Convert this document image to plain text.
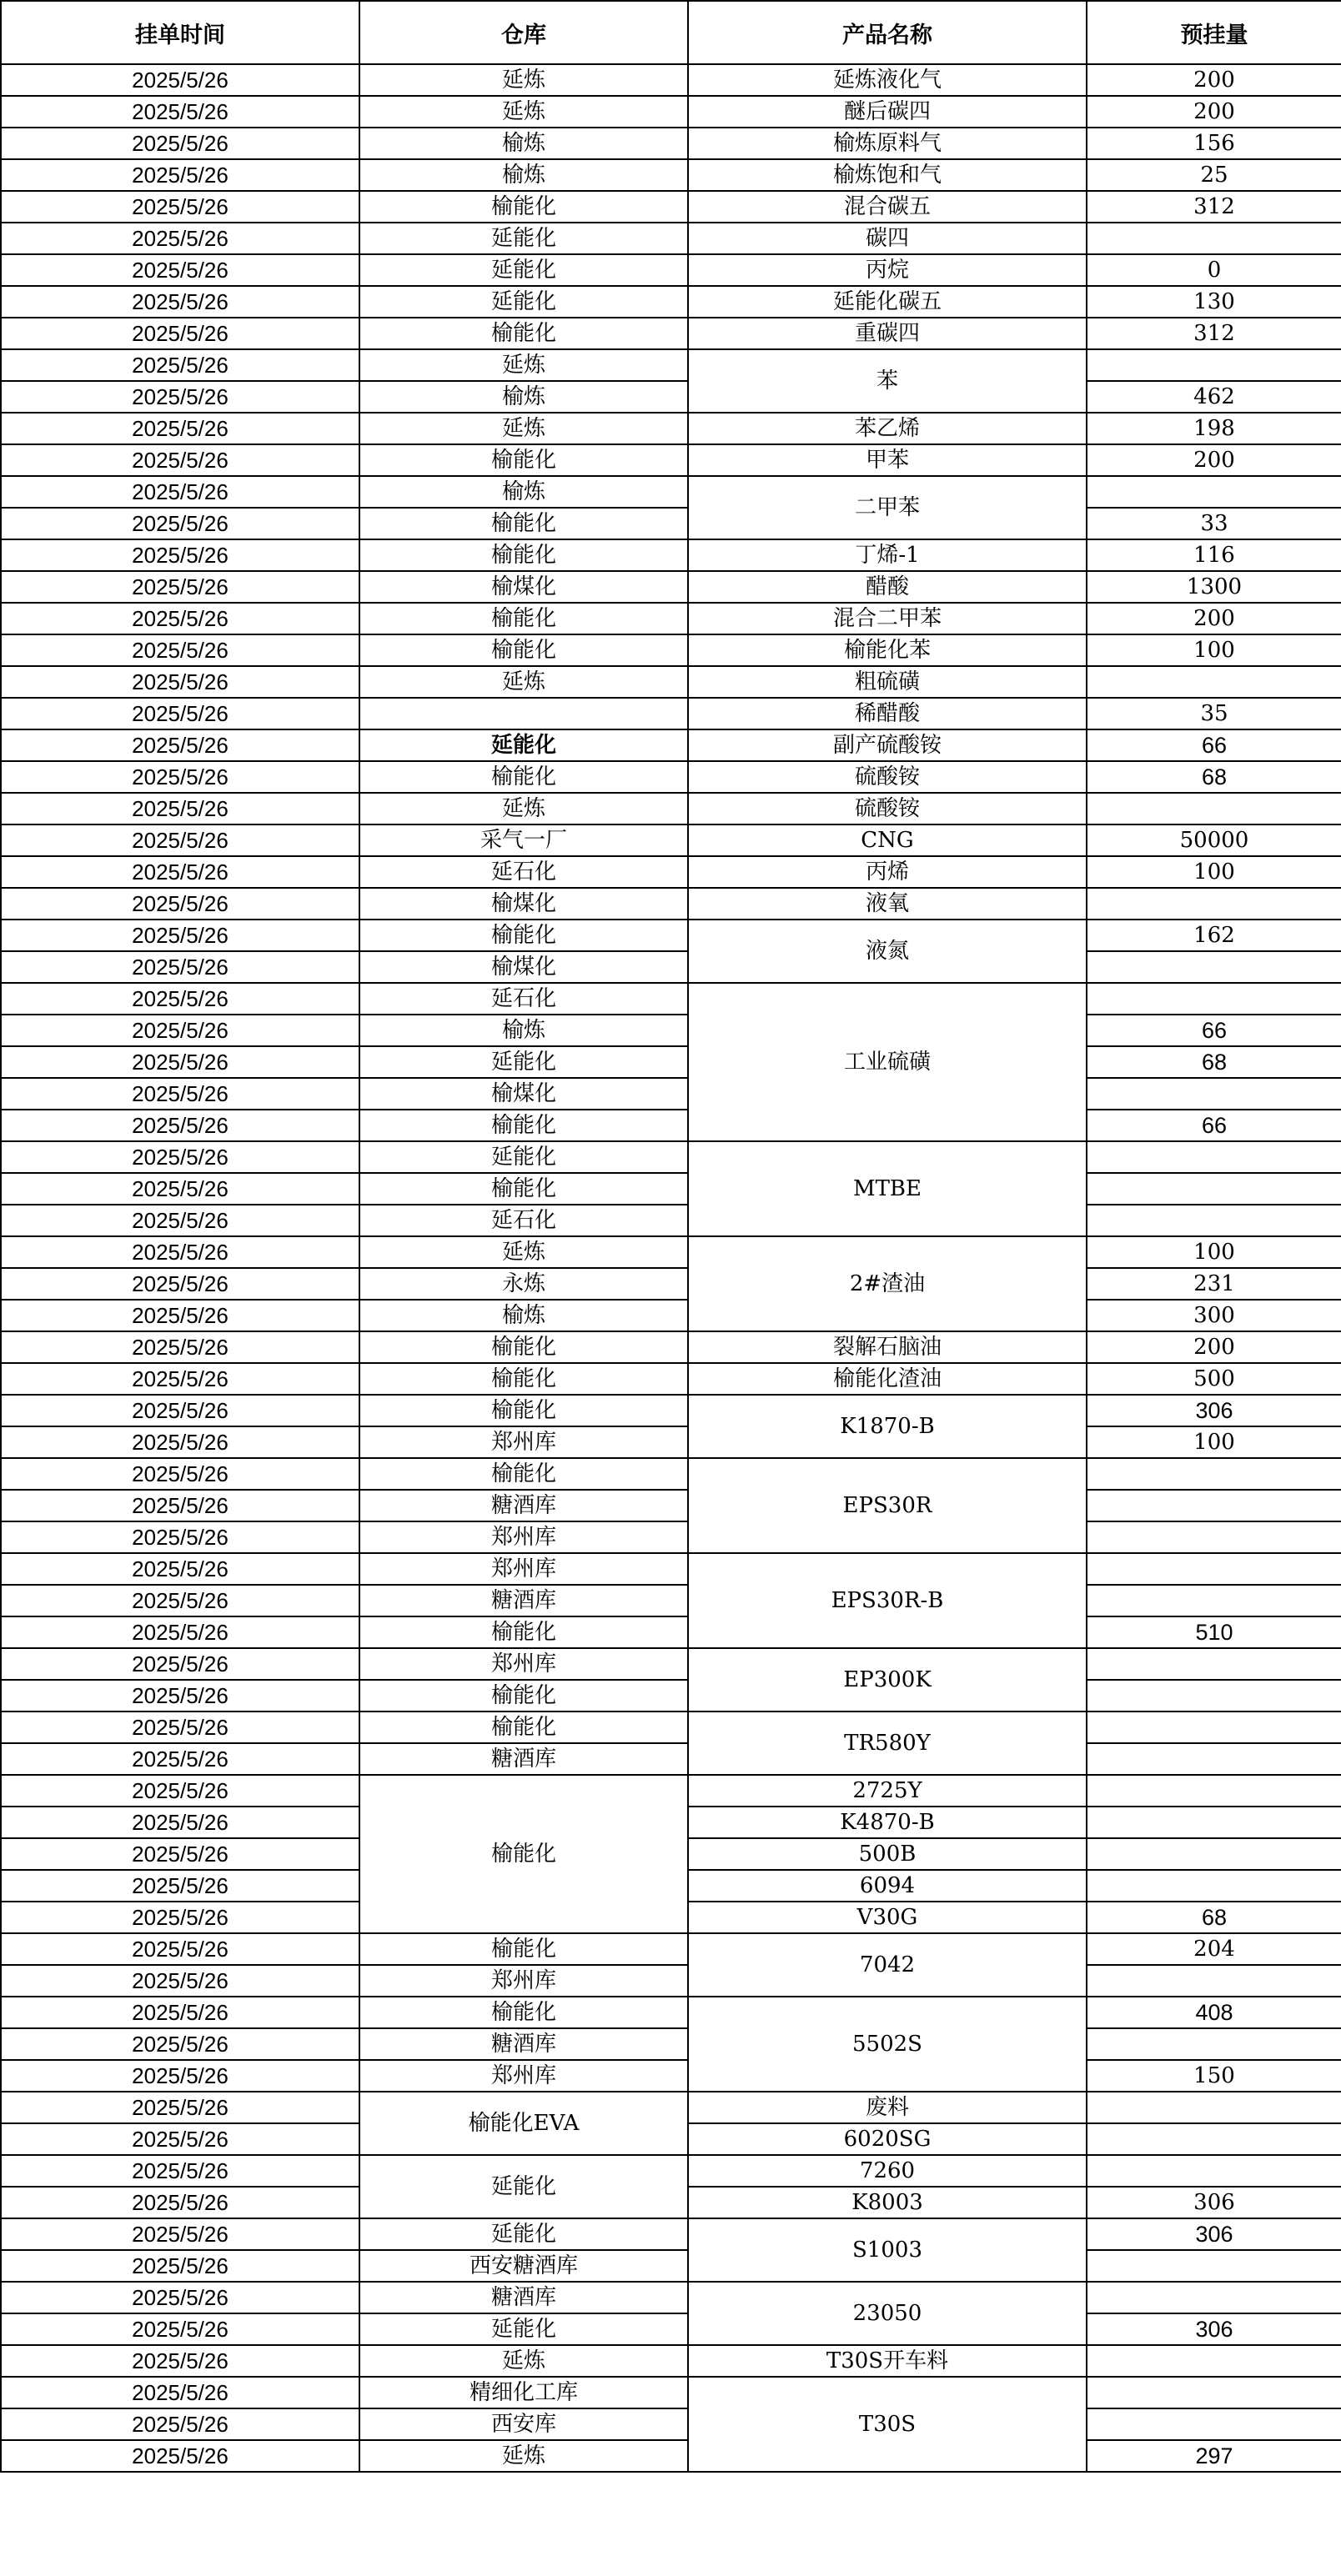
挂单时间	仓库	产品名称	预挂量
2025/5/26	延炼	延炼液化气	200
2025/5/26	延炼	醚后碳四	200
2025/5/26	榆炼	榆炼原料气	156
2025/5/26	榆炼	榆炼饱和气	25
2025/5/26	榆能化	混合碳五	312
2025/5/26	延能化	碳四	
2025/5/26	延能化	丙烷	0
2025/5/26	延能化	延能化碳五	130
2025/5/26	榆能化	重碳四	312
2025/5/26	延炼	苯	
2025/5/26	榆炼		462
2025/5/26	延炼	苯乙烯	198
2025/5/26	榆能化	甲苯	200
2025/5/26	榆炼	二甲苯	
2025/5/26	榆能化		33
2025/5/26	榆能化	丁烯-1	116
2025/5/26	榆煤化	醋酸	1300
2025/5/26	榆能化	混合二甲苯	200
2025/5/26	榆能化	榆能化苯	100
2025/5/26	延炼	粗硫磺	
2025/5/26		稀醋酸	35
2025/5/26	延能化	副产硫酸铵	66
2025/5/26	榆能化	硫酸铵	68
2025/5/26	延炼	硫酸铵	
2025/5/26	采气一厂	CNG	50000
2025/5/26	延石化	丙烯	100
2025/5/26	榆煤化	液氧	
2025/5/26	榆能化	液氮	162
2025/5/26	榆煤化		
2025/5/26	延石化	工业硫磺	
2025/5/26	榆炼		66
2025/5/26	延能化		68
2025/5/26	榆煤化		
2025/5/26	榆能化		66
2025/5/26	延能化	MTBE	
2025/5/26	榆能化		
2025/5/26	延石化		
2025/5/26	延炼	2#渣油	100
2025/5/26	永炼		231
2025/5/26	榆炼		300
2025/5/26	榆能化	裂解石脑油	200
2025/5/26	榆能化	榆能化渣油	500
2025/5/26	榆能化	K1870-B	306
2025/5/26	郑州库		100
2025/5/26	榆能化	EPS30R	
2025/5/26	糖酒库		
2025/5/26	郑州库		
2025/5/26	郑州库	EPS30R-B	
2025/5/26	糖酒库		
2025/5/26	榆能化		510
2025/5/26	郑州库	EP300K	
2025/5/26	榆能化		
2025/5/26	榆能化	TR580Y	
2025/5/26	糖酒库		
2025/5/26	榆能化	2725Y	
2025/5/26		K4870-B	
2025/5/26		500B	
2025/5/26		6094	
2025/5/26		V30G	68
2025/5/26	榆能化	7042	204
2025/5/26	郑州库		
2025/5/26	榆能化	5502S	408
2025/5/26	糖酒库		
2025/5/26	郑州库		150
2025/5/26	榆能化EVA	废料	
2025/5/26		6020SG	
2025/5/26	延能化	7260	
2025/5/26		K8003	306
2025/5/26	延能化	S1003	306
2025/5/26	西安糖酒库		
2025/5/26	糖酒库	23050	
2025/5/26	延能化		306
2025/5/26	延炼	T30S开车料	
2025/5/26	精细化工库	T30S	
2025/5/26	西安库		
2025/5/26	延炼		297
